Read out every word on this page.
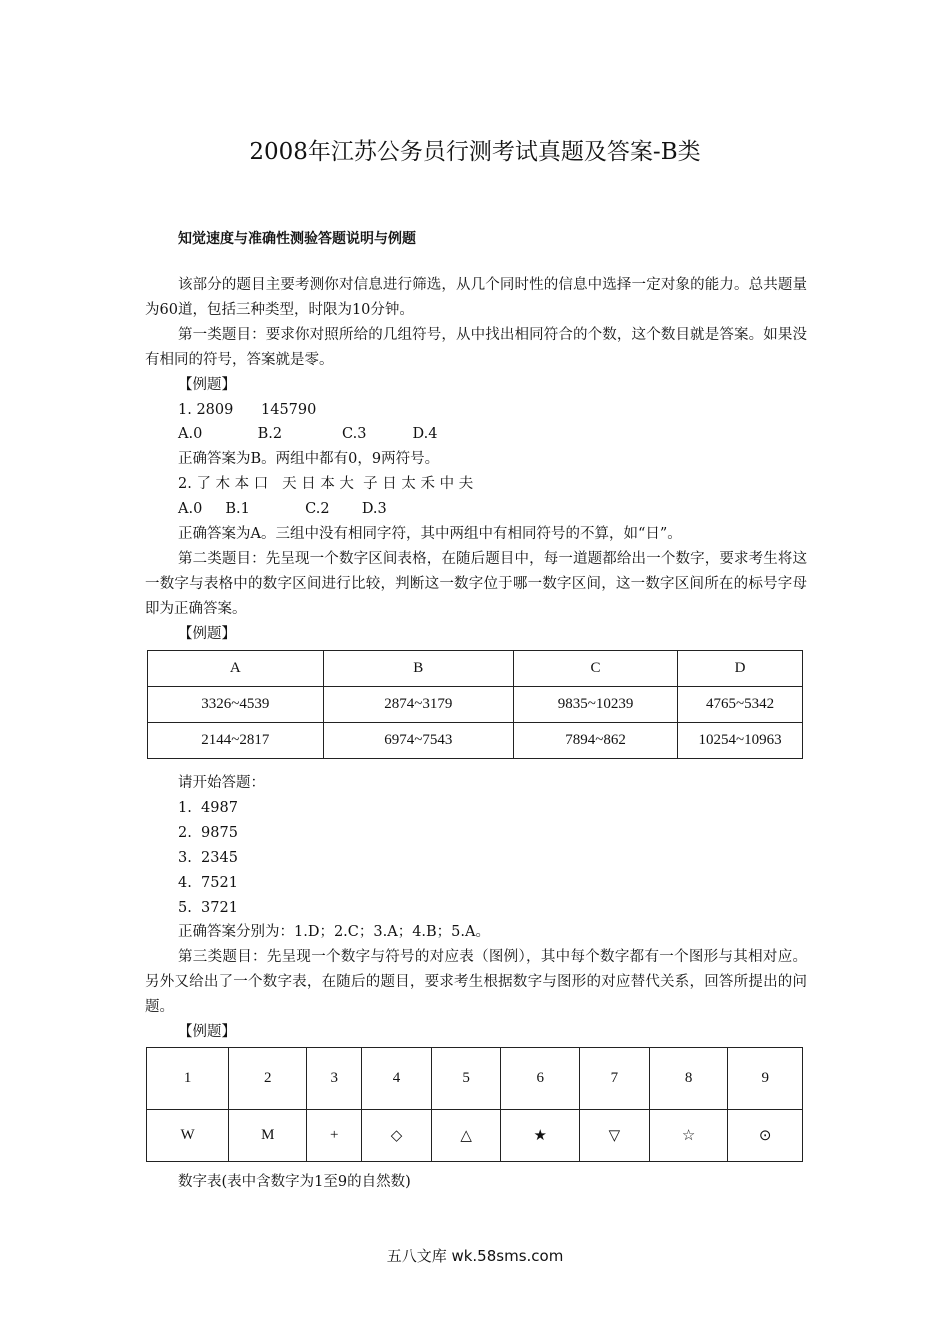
2008年江苏公务员行测考试真题及答案-B类
知觉速度与准确性测验答题说明与例题

该部分的题目主要考测你对信息进行筛选，从几个同时性的信息中选择一定对象的能力。总共题量为60道，包括三种类型，时限为10分钟。

第一类题目：要求你对照所给的几组符号，从中找出相同符合的个数，这个数目就是答案。如果没有相同的符号，答案就是零。

【例题】

1. 2809      145790

A.0            B.2             C.3          D.4

正确答案为B。两组中都有0，9两符号。

2. 了 木 本 口   天 日 本 大  子 日 太 禾 中 夫

A.0     B.1            C.2       D.3

正确答案为A。三组中没有相同字符，其中两组中有相同符号的不算，如“日”。

第二类题目：先呈现一个数字区间表格，在随后题目中，每一道题都给出一个数字，要求考生将这一数字与表格中的数字区间进行比较，判断这一数字位于哪一数字区间，这一数字区间所在的标号字母即为正确答案。

【例题】

A	B	C	D
3326~4539	2874~3179	9835~10239	4765~5342
2144~2817	6974~7543	7894~862	10254~10963

请开始答题：

1.  4987

2.  9875

3.  2345

4.  7521

5.  3721

正确答案分别为：1.D；2.C；3.A；4.B；5.A。

第三类题目：先呈现一个数字与符号的对应表（图例），其中每个数字都有一个图形与其相对应。另外又给出了一个数字表，在随后的题目，要求考生根据数字与图形的对应替代关系，回答所提出的问题。

【例题】

1	2	3	4	5	6	7	8	9
W	M	+	◇	△	★	▽	☆	⊙

数字表(表中含数字为1至9的自然数)

五八文库 wk.58sms.com
